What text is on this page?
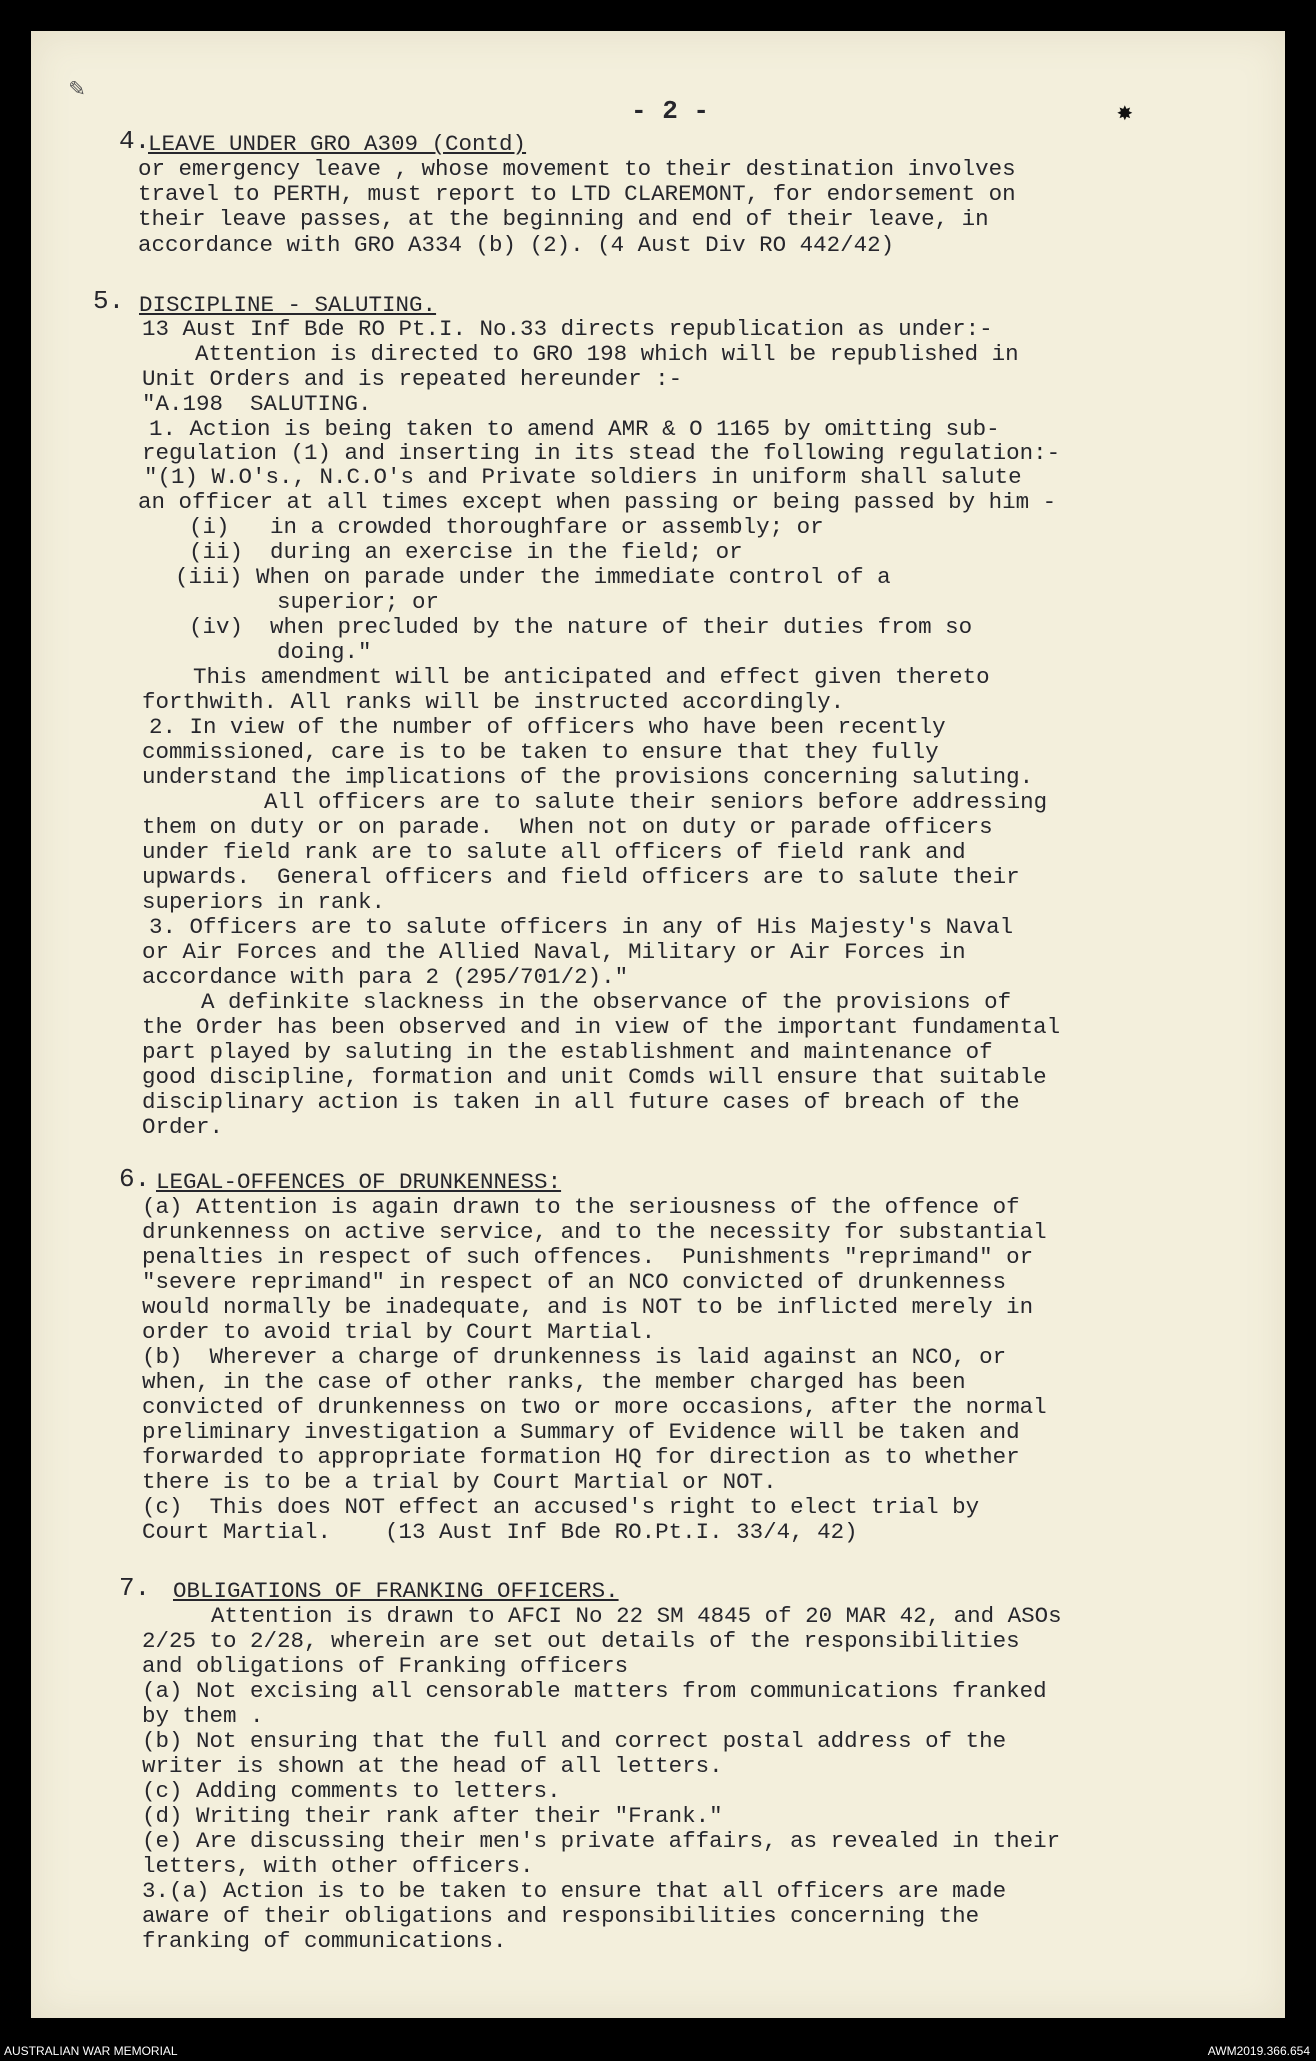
✎
✸
- 2 -
4.
LEAVE UNDER GRO A309 (Contd)
or emergency leave , whose movement to their destination involves
travel to PERTH, must report to LTD CLAREMONT, for endorsement on
their leave passes, at the beginning and end of their leave, in
accordance with GRO A334 (b) (2). (4 Aust Div RO 442/42)
5. DISCIPLINE - SALUTING.
13 Aust Inf Bde RO Pt.I. No.33 directs republication as under:-
Attention is directed to GRO 198 which will be republished in
Unit Orders and is repeated hereunder :-
"A.198  SALUTING.
1. Action is being taken to amend AMR & O 1165 by omitting sub-
regulation (1) and inserting in its stead the following regulation:-
"(1) W.O's., N.C.O's and Private soldiers in uniform shall salute
an officer at all times except when passing or being passed by him -
(i)   in a crowded thoroughfare or assembly; or
(ii)  during an exercise in the field; or
(iii) When on parade under the immediate control of a
superior; or
(iv)  when precluded by the nature of their duties from so
doing."
This amendment will be anticipated and effect given thereto
forthwith. All ranks will be instructed accordingly.
2. In view of the number of officers who have been recently
commissioned, care is to be taken to ensure that they fully
understand the implications of the provisions concerning saluting.
All officers are to salute their seniors before addressing
them on duty or on parade.  When not on duty or parade officers
under field rank are to salute all officers of field rank and
upwards.  General officers and field officers are to salute their
superiors in rank.
3. Officers are to salute officers in any of His Majesty's Naval
or Air Forces and the Allied Naval, Military or Air Forces in
accordance with para 2 (295/701/2)."
A definkite slackness in the observance of the provisions of
the Order has been observed and in view of the important fundamental
part played by saluting in the establishment and maintenance of
good discipline, formation and unit Comds will ensure that suitable
disciplinary action is taken in all future cases of breach of the
Order.
6. LEGAL-OFFENCES OF DRUNKENNESS:
(a) Attention is again drawn to the seriousness of the offence of
drunkenness on active service, and to the necessity for substantial
penalties in respect of such offences.  Punishments "reprimand" or
"severe reprimand" in respect of an NCO convicted of drunkenness
would normally be inadequate, and is NOT to be inflicted merely in
order to avoid trial by Court Martial.
(b)  Wherever a charge of drunkenness is laid against an NCO, or
when, in the case of other ranks, the member charged has been
convicted of drunkenness on two or more occasions, after the normal
preliminary investigation a Summary of Evidence will be taken and
forwarded to appropriate formation HQ for direction as to whether
there is to be a trial by Court Martial or NOT.
(c)  This does NOT effect an accused's right to elect trial by
Court Martial.    (13 Aust Inf Bde RO.Pt.I. 33/4, 42)
7. OBLIGATIONS OF FRANKING OFFICERS.
Attention is drawn to AFCI No 22 SM 4845 of 20 MAR 42, and ASOs
2/25 to 2/28, wherein are set out details of the responsibilities
and obligations of Franking officers
(a) Not excising all censorable matters from communications franked
by them .
(b) Not ensuring that the full and correct postal address of the
writer is shown at the head of all letters.
(c) Adding comments to letters.
(d) Writing their rank after their "Frank."
(e) Are discussing their men's private affairs, as revealed in their
letters, with other officers.
3.(a) Action is to be taken to ensure that all officers are made
aware of their obligations and responsibilities concerning the
franking of communications.
AUSTRALIAN WAR MEMORIAL	AWM2019.366.654
